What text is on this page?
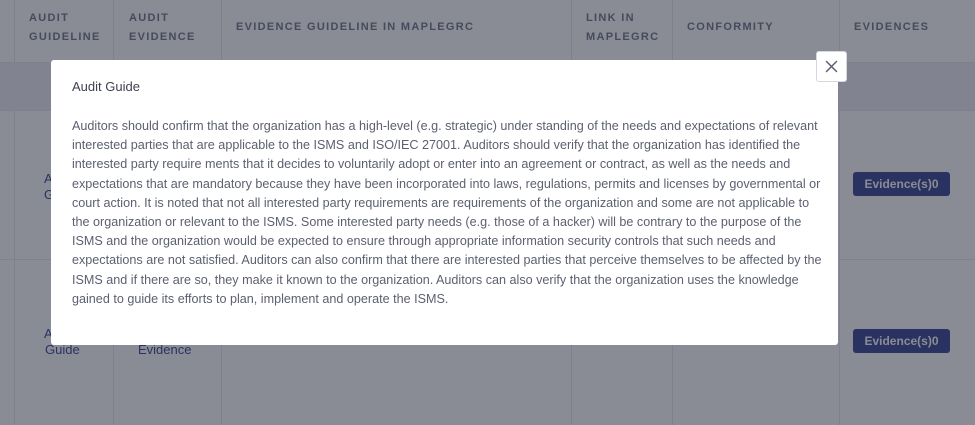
Audit Guide
Auditors should confirm that the organization has a high-level (e.g. strategic) under standing of the needs and expectations of relevant interested parties that are applicable to the ISMS and ISO/IEC 27001. Auditors should verify that the organization has identified the interested party require ments that it decides to voluntarily adopt or enter into an agreement or contract, as well as the needs and expectations that are mandatory because they have been incorporated into laws, regulations, permits and licenses by governmental or court action. It is noted that not all interested party requirements are requirements of the organization and some are not applicable to the organization or relevant to the ISMS. Some interested party needs (e.g. those of a hacker) will be contrary to the purpose of the ISMS and the organization would be expected to ensure through appropriate information security controls that such needs and expectations are not satisfied. Auditors can also confirm that there are interested parties that perceive themselves to be affected by the ISMS and if there are so, they make it known to the organization. Auditors can also verify that the organization uses the knowledge gained to guide its efforts to plan, implement and operate the ISMS.
